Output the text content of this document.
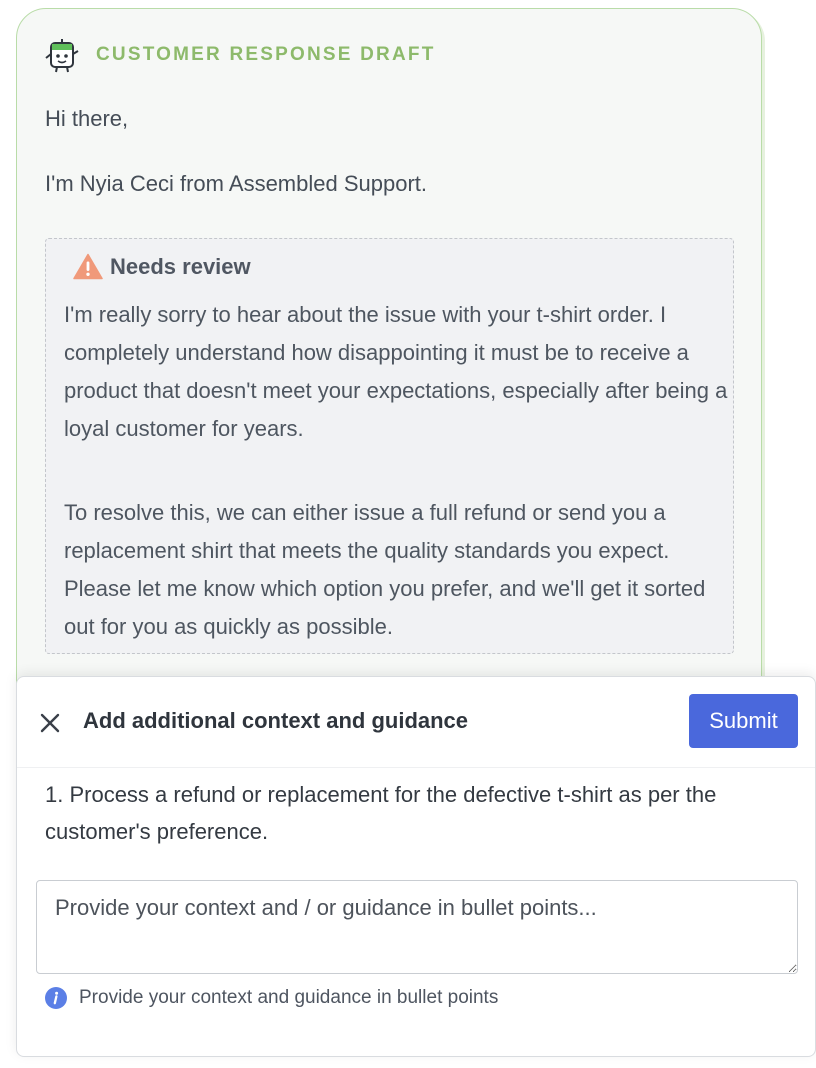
CUSTOMER RESPONSE DRAFT
Hi there,
I'm Nyia Ceci from Assembled Support.
Needs review

I'm really sorry to hear about the issue with your t-shirt order. I completely understand how disappointing it must be to receive a product that doesn't meet your expectations, especially after being a loyal customer for years.

To resolve this, we can either issue a full refund or send you a replacement shirt that meets the quality standards you expect. Please let me know which option you prefer, and we'll get it sorted out for you as quickly as possible.

Add additional context and guidance	Submit

1. Process a refund or replacement for the defective t-shirt as per the customer's preference.

Provide your context and / or guidance in bullet points...
Provide your context and guidance in bullet points
